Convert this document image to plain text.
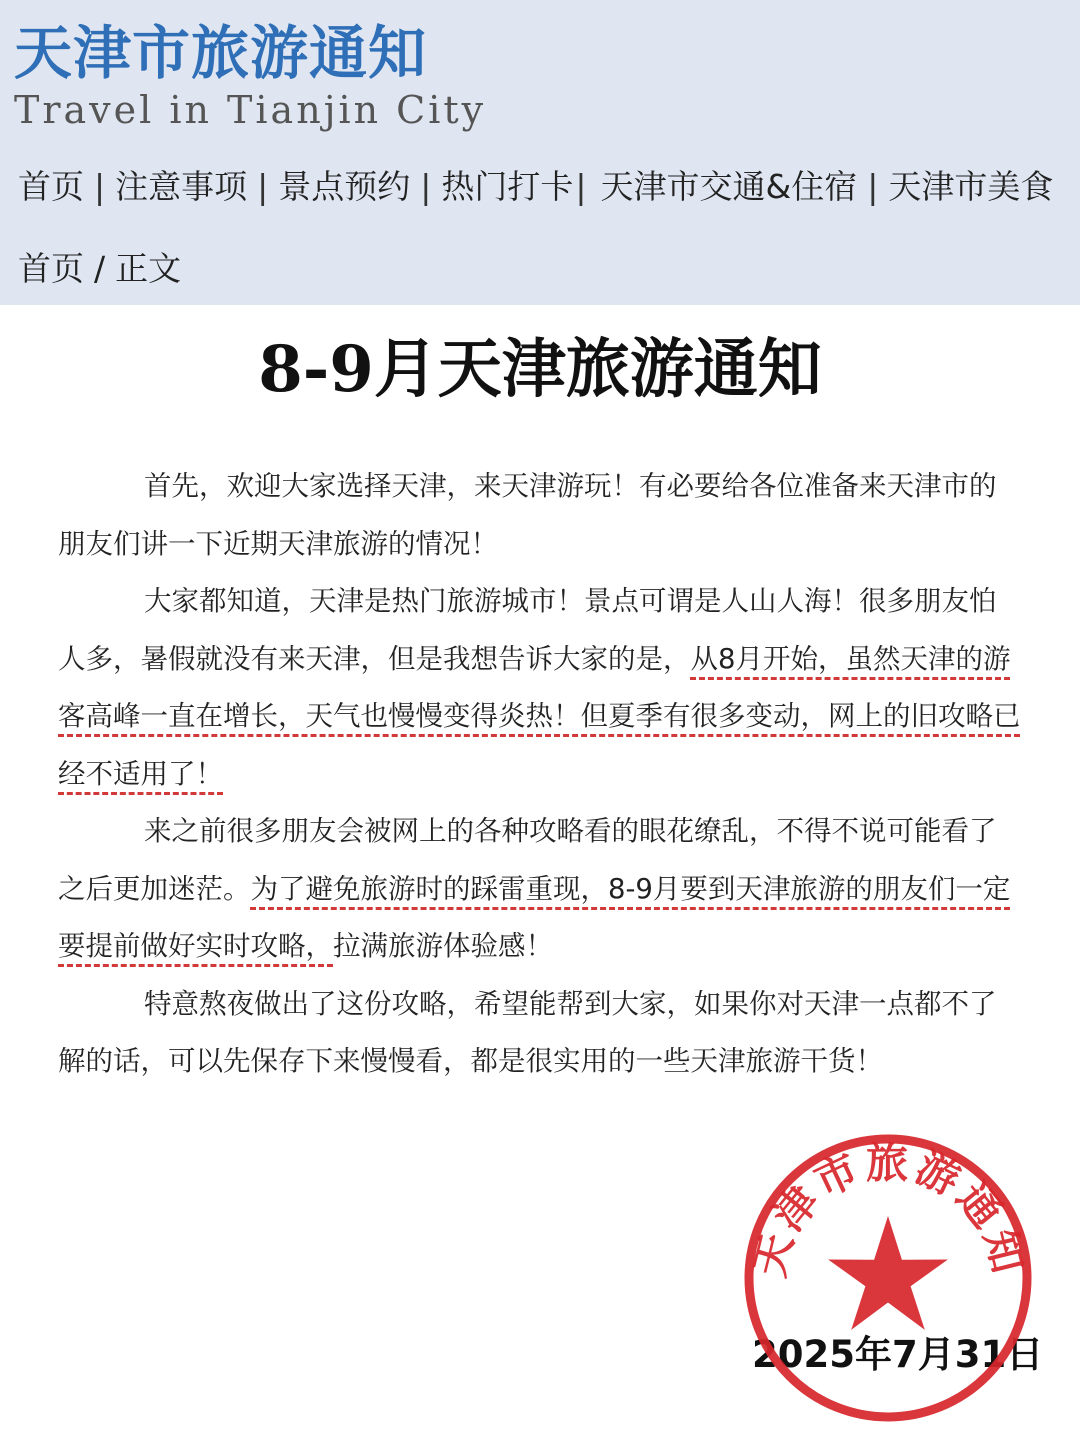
天津市旅游通知
Travel in Tianjin City
首页 | 注意事项 | 景点预约 | 热门打卡 | 天津市交通&住宿 | 天津市美食
首页 / 正文
8-9月天津旅游通知

首先，欢迎大家选择天津，来天津游玩！有必要给各位准备来天津市的朋友们讲一下近期天津旅游的情况！

大家都知道，天津是热门旅游城市！景点可谓是人山人海！很多朋友怕人多，暑假就没有来天津，但是我想告诉大家的是，从8月开始，虽然天津的游客高峰一直在增长，天气也慢慢变得炎热！但夏季有很多变动，网上的旧攻略已经不适用了！

来之前很多朋友会被网上的各种攻略看的眼花缭乱，不得不说可能看了之后更加迷茫。为了避免旅游时的踩雷重现，8-9月要到天津旅游的朋友们一定要提前做好实时攻略，拉满旅游体验感！

特意熬夜做出了这份攻略，希望能帮到大家，如果你对天津一点都不了解的话，可以先保存下来慢慢看，都是很实用的一些天津旅游干货！

2025年7月31日
天津市旅游通知
